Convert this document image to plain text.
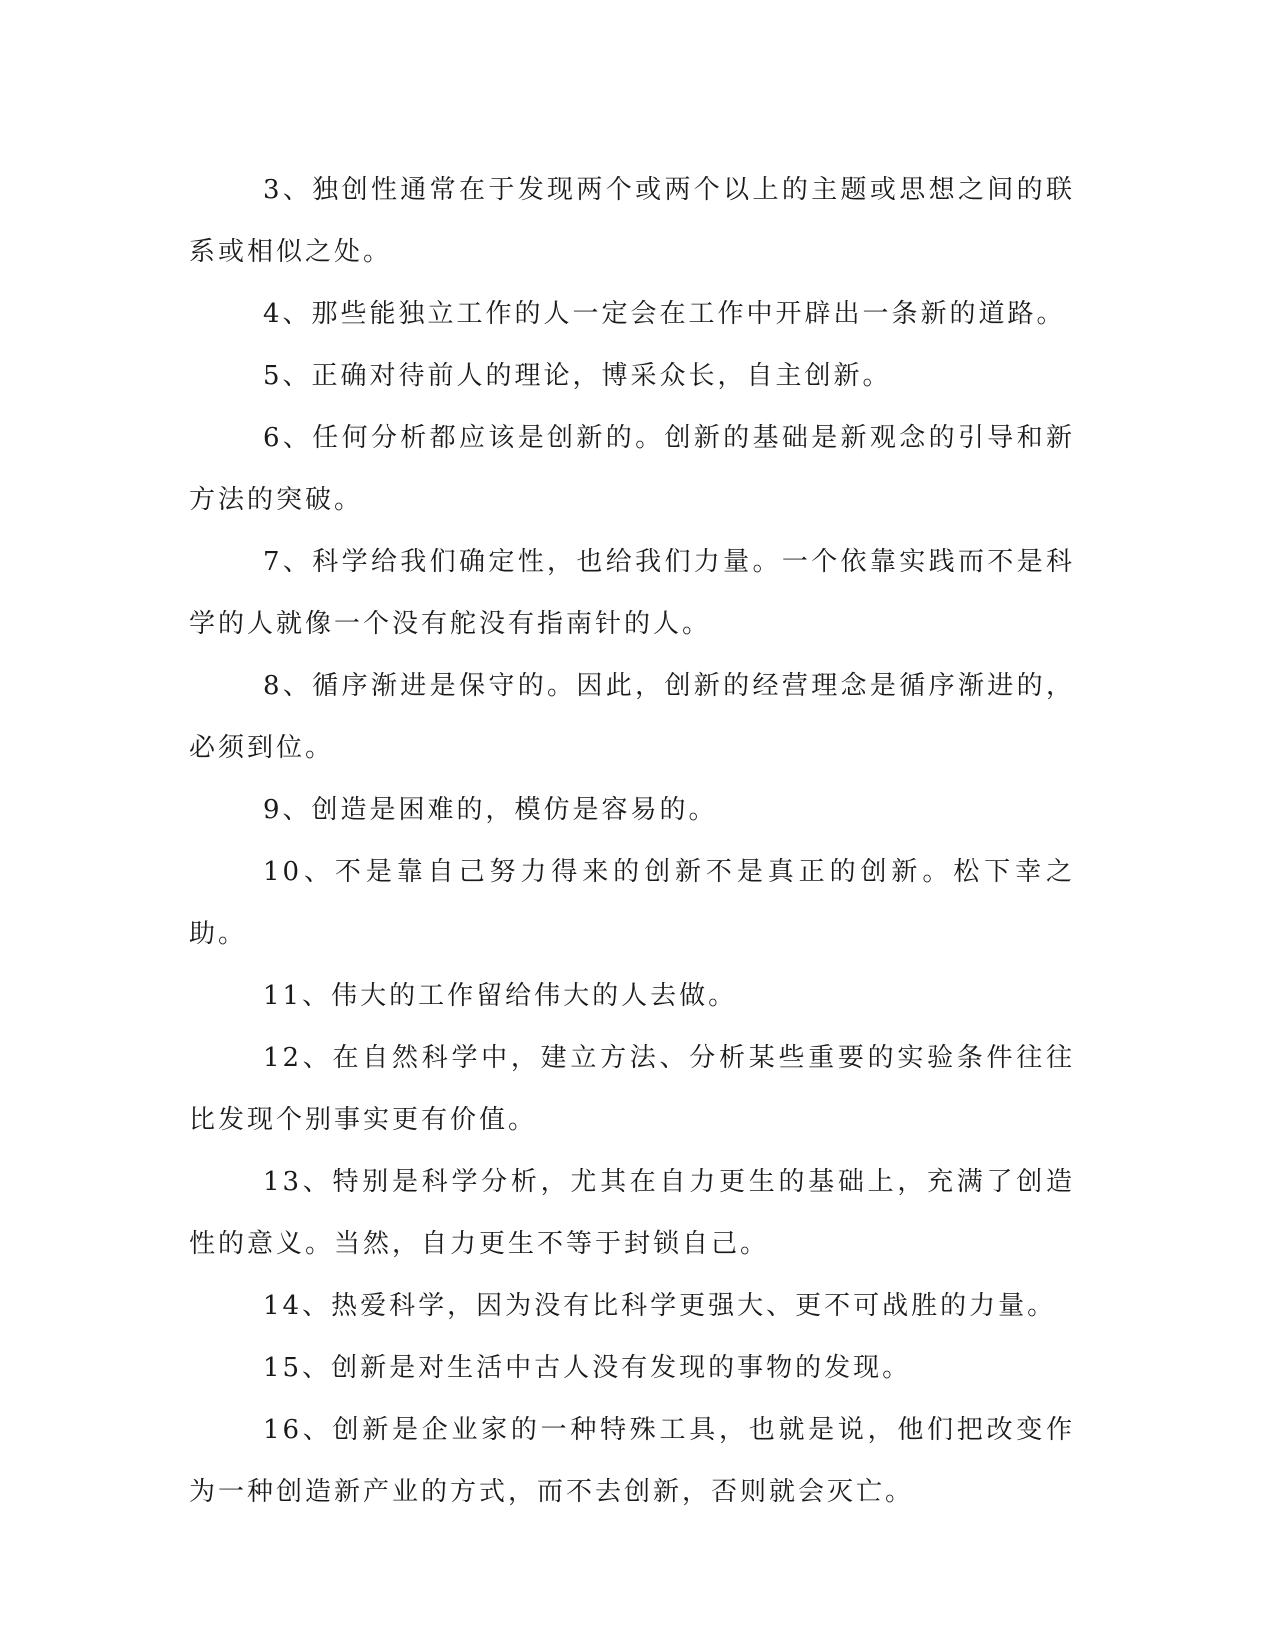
3、独创性通常在于发现两个或两个以上的主题或思想之间的联系或相似之处。

4、那些能独立工作的人一定会在工作中开辟出一条新的道路。

5、正确对待前人的理论，博采众长，自主创新。

6、任何分析都应该是创新的。创新的基础是新观念的引导和新方法的突破。

7、科学给我们确定性，也给我们力量。一个依靠实践而不是科学的人就像一个没有舵没有指南针的人。

8、循序渐进是保守的。因此，创新的经营理念是循序渐进的，必须到位。

9、创造是困难的，模仿是容易的。

10、不是靠自己努力得来的创新不是真正的创新。松下幸之助。

11、伟大的工作留给伟大的人去做。

12、在自然科学中，建立方法、分析某些重要的实验条件往往比发现个别事实更有价值。

13、特别是科学分析，尤其在自力更生的基础上，充满了创造性的意义。当然，自力更生不等于封锁自己。

14、热爱科学，因为没有比科学更强大、更不可战胜的力量。

15、创新是对生活中古人没有发现的事物的发现。

16、创新是企业家的一种特殊工具，也就是说，他们把改变作为一种创造新产业的方式，而不去创新，否则就会灭亡。
